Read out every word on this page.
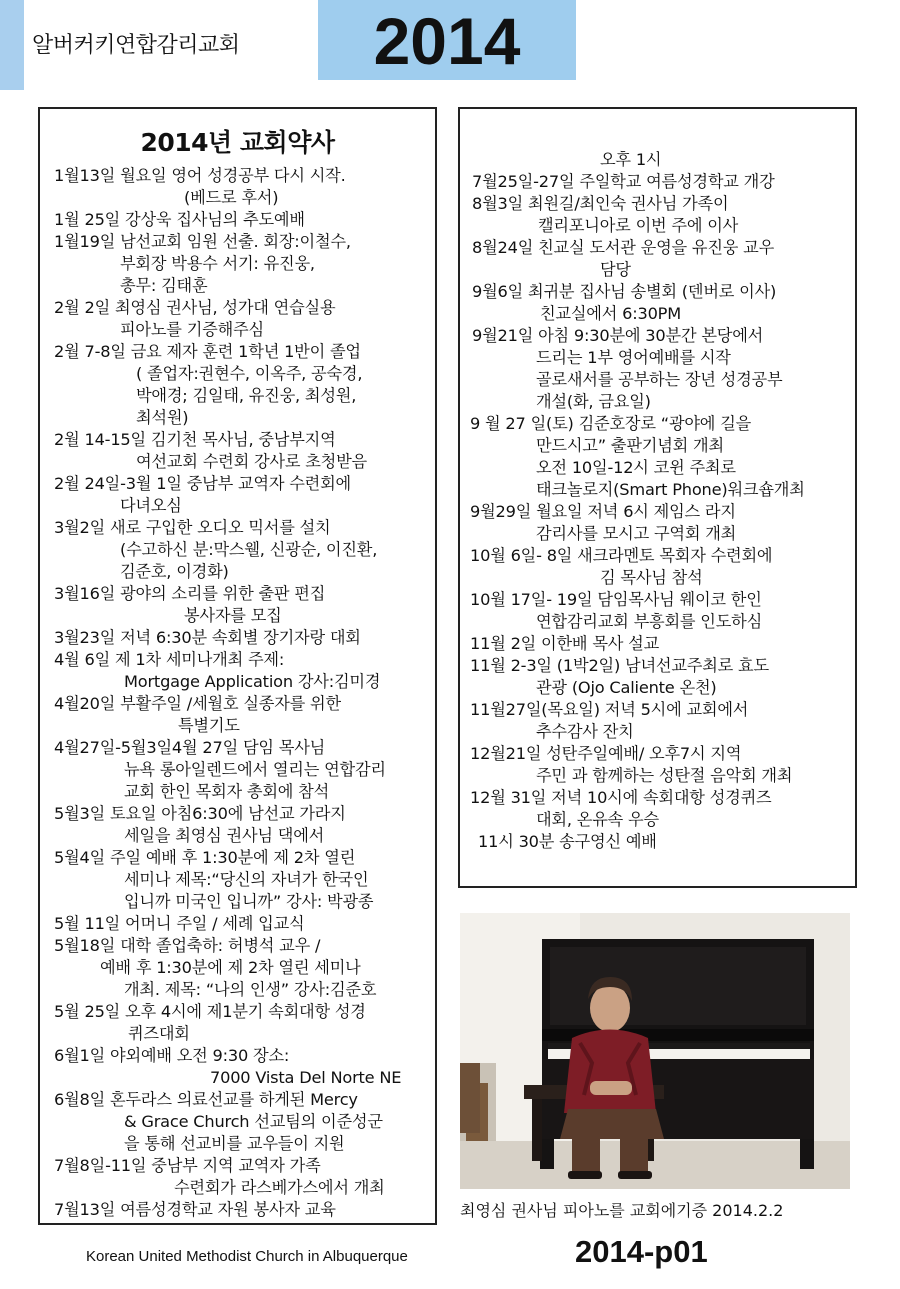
알버커키연합감리교회	2014
2014년 교회약사
1월13일 월요일 영어 성경공부 다시 시작.
(베드로 후서)
1월 25일 강상욱 집사님의 추도예배
1월19일 남선교회 임원 선출. 회장:이철수,
부회장 박용수 서기: 유진웅,
총무: 김태훈
2월 2일 최영심 권사님, 성가대 연습실용
피아노를 기증해주심
2월 7-8일 금요 제자 훈련 1학년 1반이 졸업
( 졸업자:권현수, 이옥주, 공숙경,
박애경; 김일태, 유진웅, 최성원,
최석원)
2월 14-15일 김기천 목사님, 중남부지역
여선교회 수련회 강사로 초청받음
2월 24일-3월 1일 중남부 교역자 수련회에
다녀오심
3월2일 새로 구입한 오디오 믹서를 설치
(수고하신 분:막스웰, 신광순, 이진환,
김준호, 이경화)
3월16일 광야의 소리를 위한 출판 편집
봉사자를 모집
3월23일 저녁 6:30분 속회별 장기자랑 대회
4월 6일 제 1차 세미나개최 주제:
Mortgage Application 강사:김미경
4월20일 부활주일 /세월호 실종자를 위한
특별기도
4월27일-5월3일4월 27일 담임 목사님
뉴욕 롱아일렌드에서 열리는 연합감리
교회 한인 목회자 총회에 참석
5월3일 토요일 아침6:30에 남선교 가라지
세일을 최영심 권사님 댁에서
5월4일 주일 예배 후 1:30분에 제 2차 열린
세미나 제목:“당신의 자녀가 한국인
입니까 미국인 입니까” 강사: 박광종
5월 11일 어머니 주일 / 세례 입교식
5월18일 대학 졸업축하: 허병석 교우 /
예배 후 1:30분에 제 2차 열린 세미나
개최. 제목: “나의 인생” 강사:김준호
5월 25일 오후 4시에 제1분기 속회대항 성경
퀴즈대회
6월1일 야외예배 오전 9:30 장소:
7000 Vista Del Norte NE
6월8일 혼두라스 의료선교를 하게된 Mercy
& Grace Church 선교팀의 이준성군
을 통해 선교비를 교우들이 지원
7월8일-11일 중남부 지역 교역자 가족
수련회가 라스베가스에서 개최
7월13일 여름성경학교 자원 봉사자 교육
오후 1시
7월25일-27일 주일학교 여름성경학교 개강
8월3일 최원길/최인숙 권사님 가족이
캘리포니아로 이번 주에 이사
8월24일 친교실 도서관 운영을 유진웅 교우
담당
9월6일 최귀분 집사님 송별회 (덴버로 이사)
친교실에서 6:30PM
9월21일 아침 9:30분에 30분간 본당에서
드리는 1부 영어예배를 시작
골로새서를 공부하는 장년 성경공부
개설(화, 금요일)
9 월 27 일(토) 김준호장로 “광야에 길을
만드시고” 출판기념회 개최
오전 10일-12시 코윈 주최로
태크놀로지(Smart Phone)워크숍개최
9월29일 월요일 저녁 6시 제임스 라지
감리사를 모시고 구역회 개최
10월 6일- 8일 새크라멘토 목회자 수련회에
김 목사님 참석
10월 17일- 19일 담임목사님 웨이코 한인
연합감리교회 부흥회를 인도하심
11월 2일 이한배 목사 설교
11월 2-3일 (1박2일) 남녀선교주최로 효도
관광 (Ojo Caliente 온천)
11월27일(목요일) 저녁 5시에 교회에서
추수감사 잔치
12월21일 성탄주일예배/ 오후7시 지역
주민 과 함께하는 성탄절 음악회 개최
12월 31일 저녁 10시에 속회대항 성경퀴즈
대회, 온유속 우승
11시 30분 송구영신 예배
최영심 권사님 피아노를 교회에기증 2014.2.2
Korean United Methodist Church in Albuquerque	2014-p01
